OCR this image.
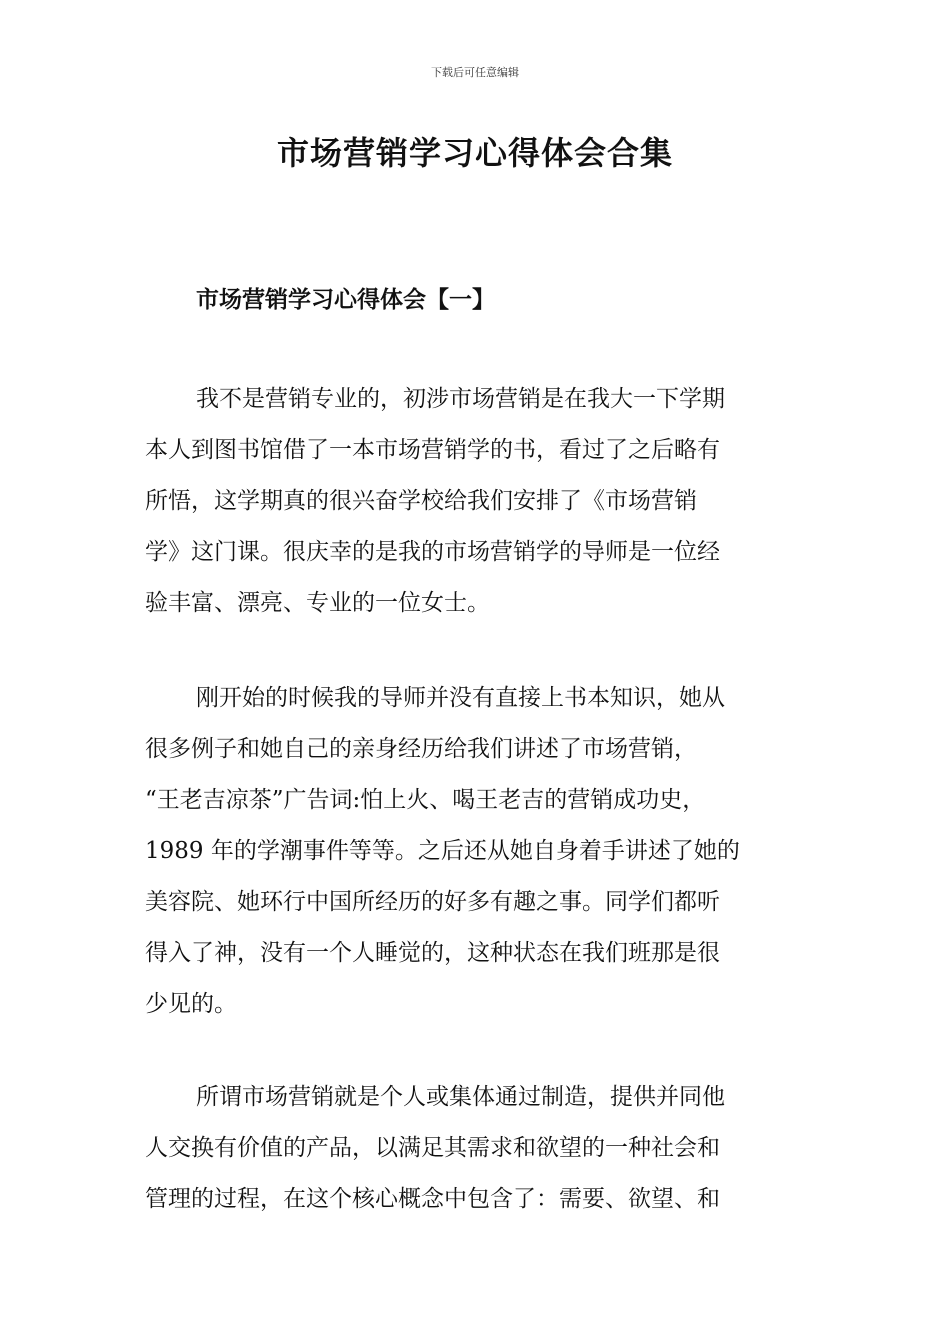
下载后可任意编辑
市场营销学习心得体会合集
市场营销学习心得体会【一】
我不是营销专业的，初涉市场营销是在我大一下学期
本人到图书馆借了一本市场营销学的书，看过了之后略有
所悟，这学期真的很兴奋学校给我们安排了《市场营销
学》这门课。很庆幸的是我的市场营销学的导师是一位经
验丰富、漂亮、专业的一位女士。
刚开始的时候我的导师并没有直接上书本知识，她从
很多例子和她自己的亲身经历给我们讲述了市场营销，
“王老吉凉茶”广告词:怕上火、喝王老吉的营销成功史，
1989 年的学潮事件等等。之后还从她自身着手讲述了她的
美容院、她环行中国所经历的好多有趣之事。同学们都听
得入了神，没有一个人睡觉的，这种状态在我们班那是很
少见的。
所谓市场营销就是个人或集体通过制造，提供并同他
人交换有价值的产品，以满足其需求和欲望的一种社会和
管理的过程，在这个核心概念中包含了：需要、欲望、和
